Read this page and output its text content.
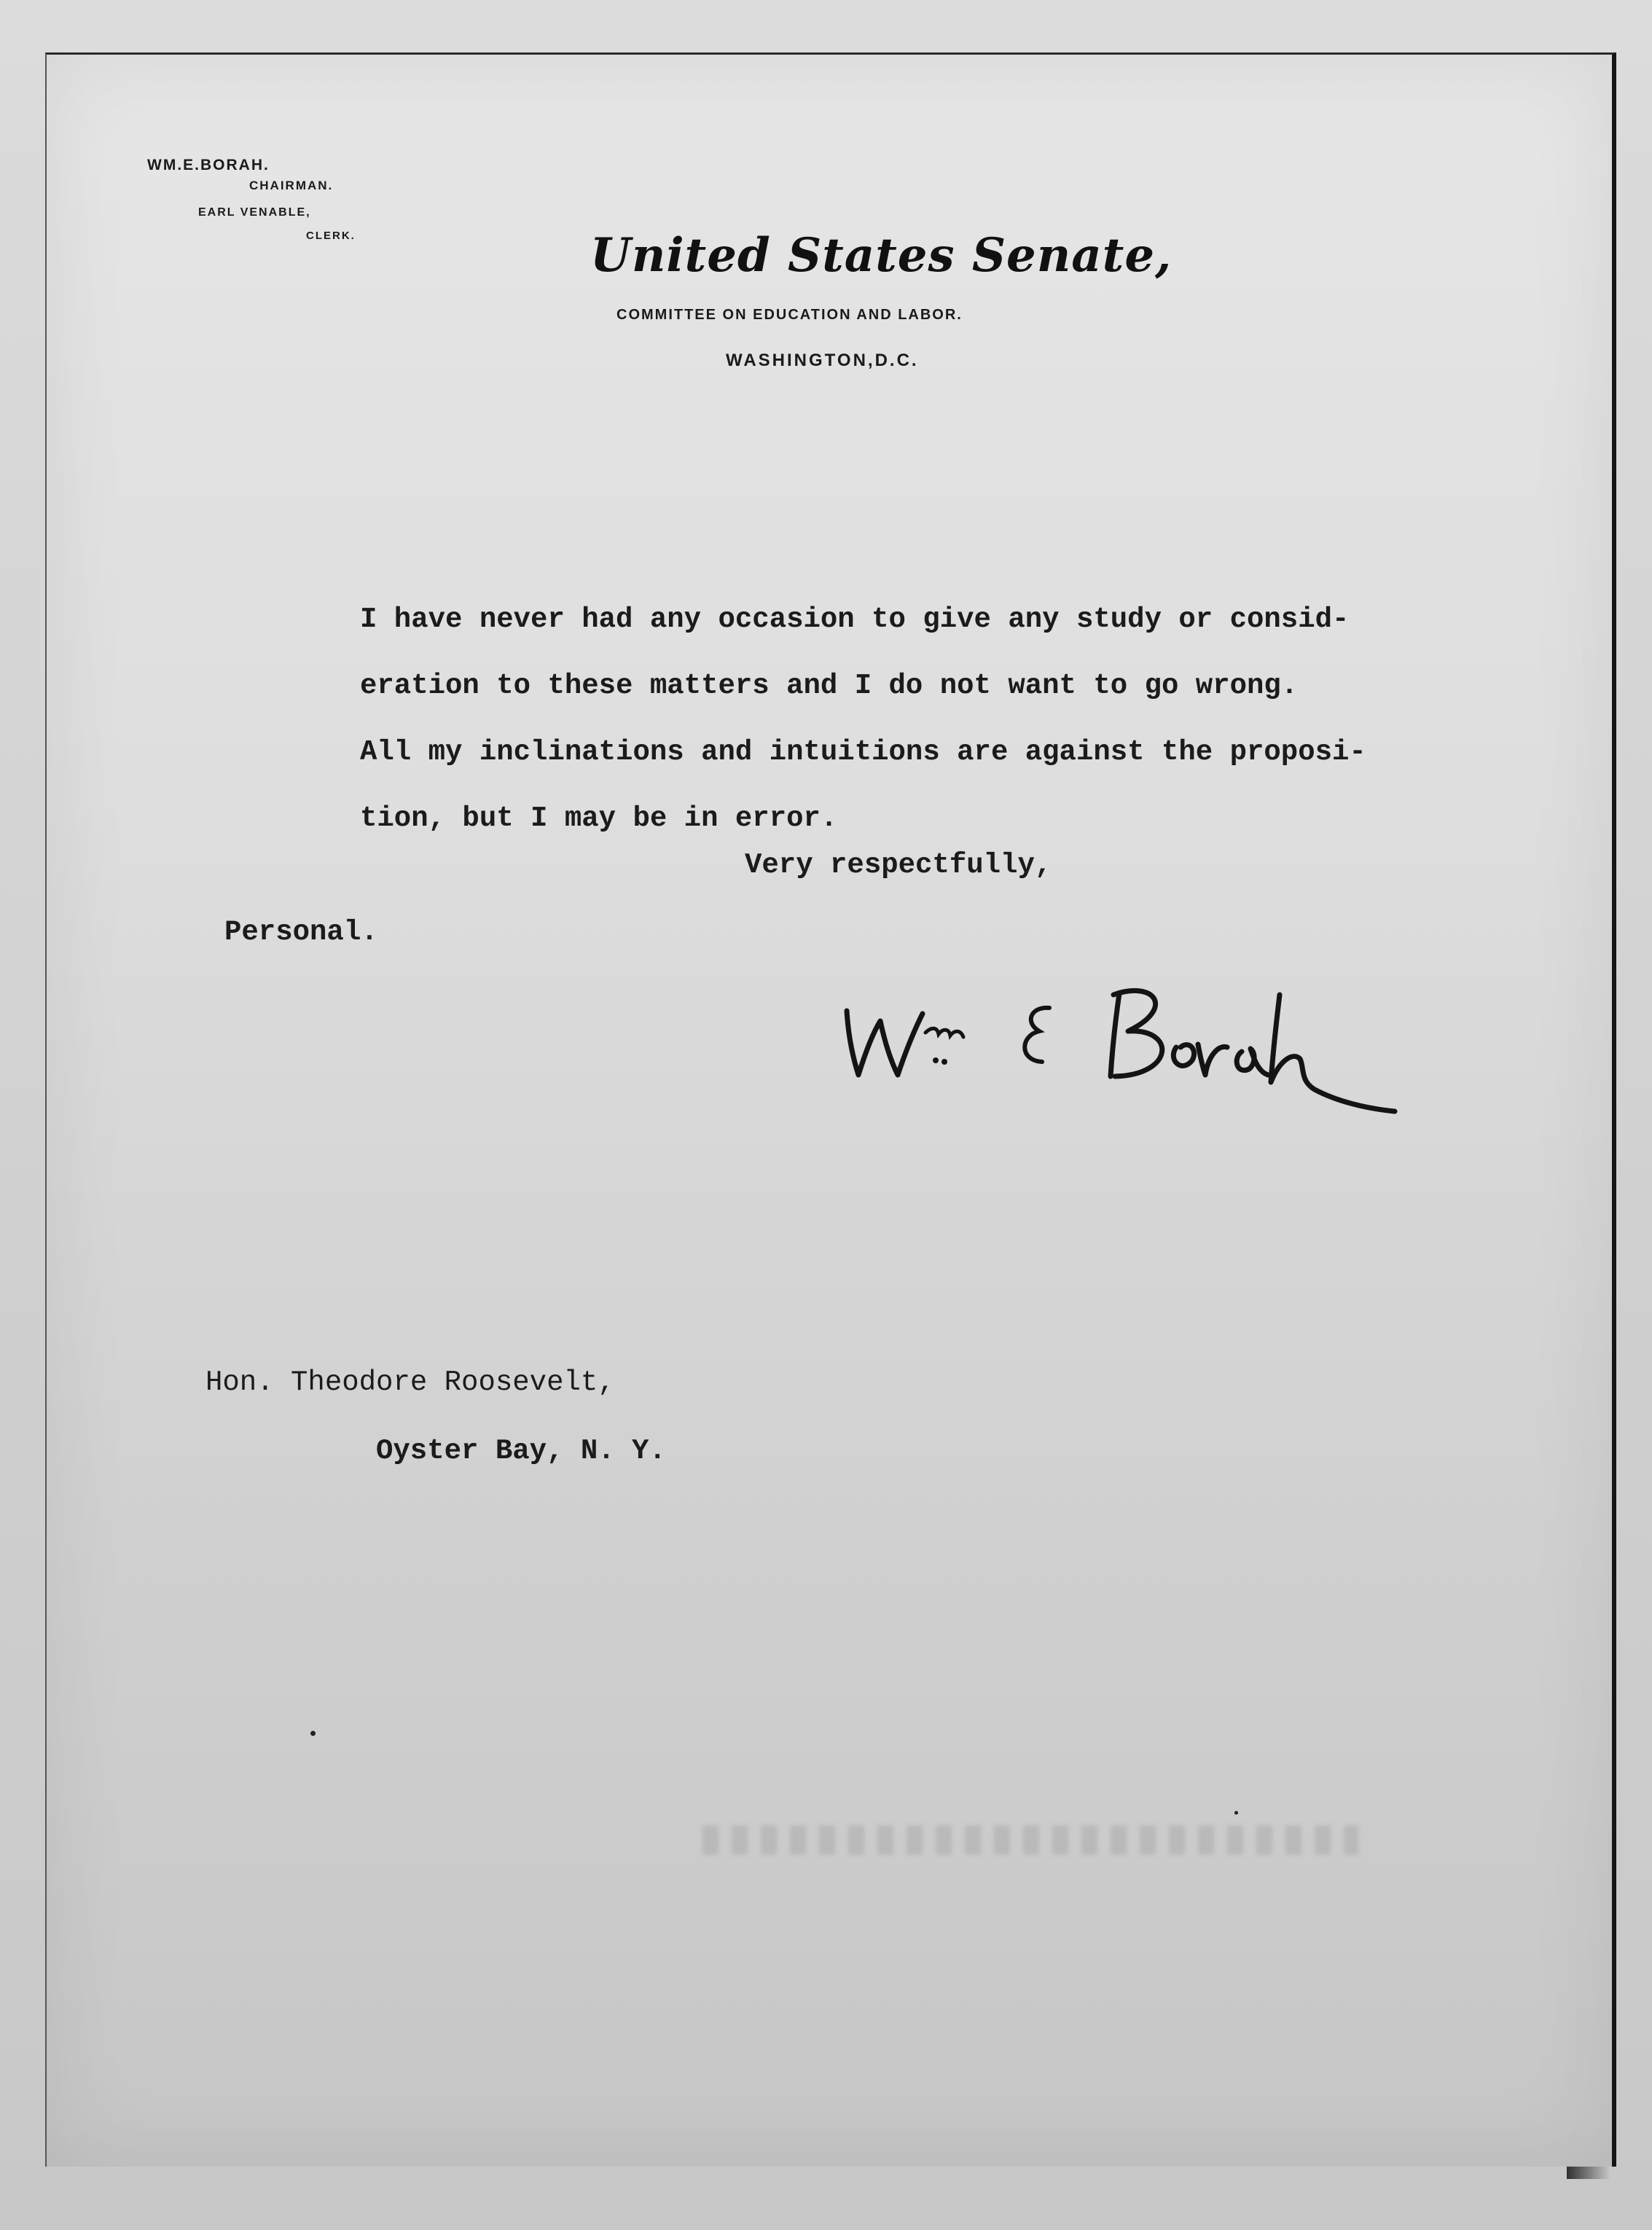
WM.E.BORAH.
CHAIRMAN.
EARL VENABLE,
CLERK.	United States Senate,
COMMITTEE ON EDUCATION AND LABOR.
WASHINGTON,D.C.
I have never had any occasion to give any study or consid-
eration to these matters and I do not want to go wrong.
All my inclinations and intuitions are against the proposi-
tion, but I may be in error.
Very respectfully,
Personal.
Hon. Theodore Roosevelt,
Oyster Bay, N. Y.
